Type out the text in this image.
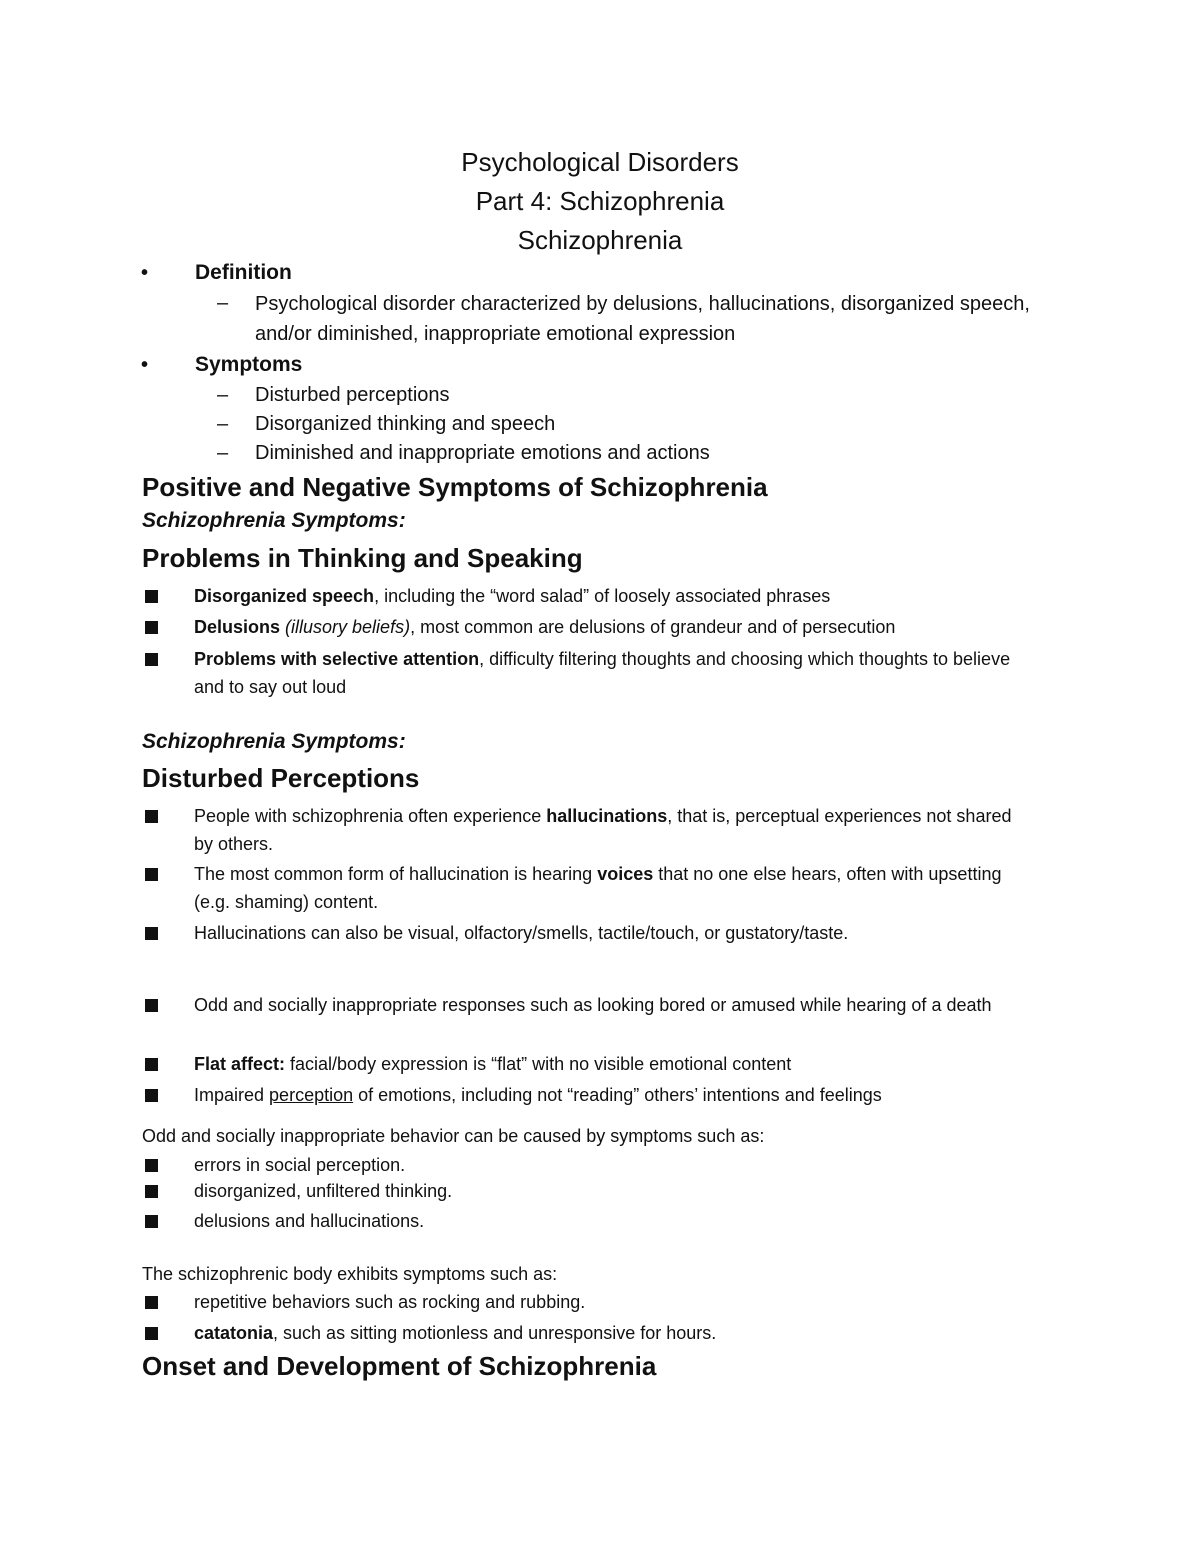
Psychological Disorders
Part 4: Schizophrenia
Schizophrenia
• Definition
– Psychological disorder characterized by delusions, hallucinations, disorganized speech, and/or diminished, inappropriate emotional expression
• Symptoms
– Disturbed perceptions
– Disorganized thinking and speech
– Diminished and inappropriate emotions and actions
Positive and Negative Symptoms of Schizophrenia
Schizophrenia Symptoms:
Problems in Thinking and Speaking
Disorganized speech, including the “word salad” of loosely associated phrases
Delusions (illusory beliefs), most common are delusions of grandeur and of persecution
Problems with selective attention, difficulty filtering thoughts and choosing which thoughts to believe and to say out loud
Schizophrenia Symptoms:
Disturbed Perceptions
People with schizophrenia often experience hallucinations, that is, perceptual experiences not shared by others.
The most common form of hallucination is hearing voices that no one else hears, often with upsetting (e.g. shaming) content.
Hallucinations can also be visual, olfactory/smells, tactile/touch, or gustatory/taste.
Odd and socially inappropriate responses such as looking bored or amused while hearing of a death
Flat affect: facial/body expression is “flat” with no visible emotional content
Impaired perception of emotions, including not “reading” others’ intentions and feelings
Odd and socially inappropriate behavior can be caused by symptoms such as:
errors in social perception.
disorganized, unfiltered thinking.
delusions and hallucinations.
The schizophrenic body exhibits symptoms such as:
repetitive behaviors such as rocking and rubbing.
catatonia, such as sitting motionless and unresponsive for hours.
Onset and Development of Schizophrenia
